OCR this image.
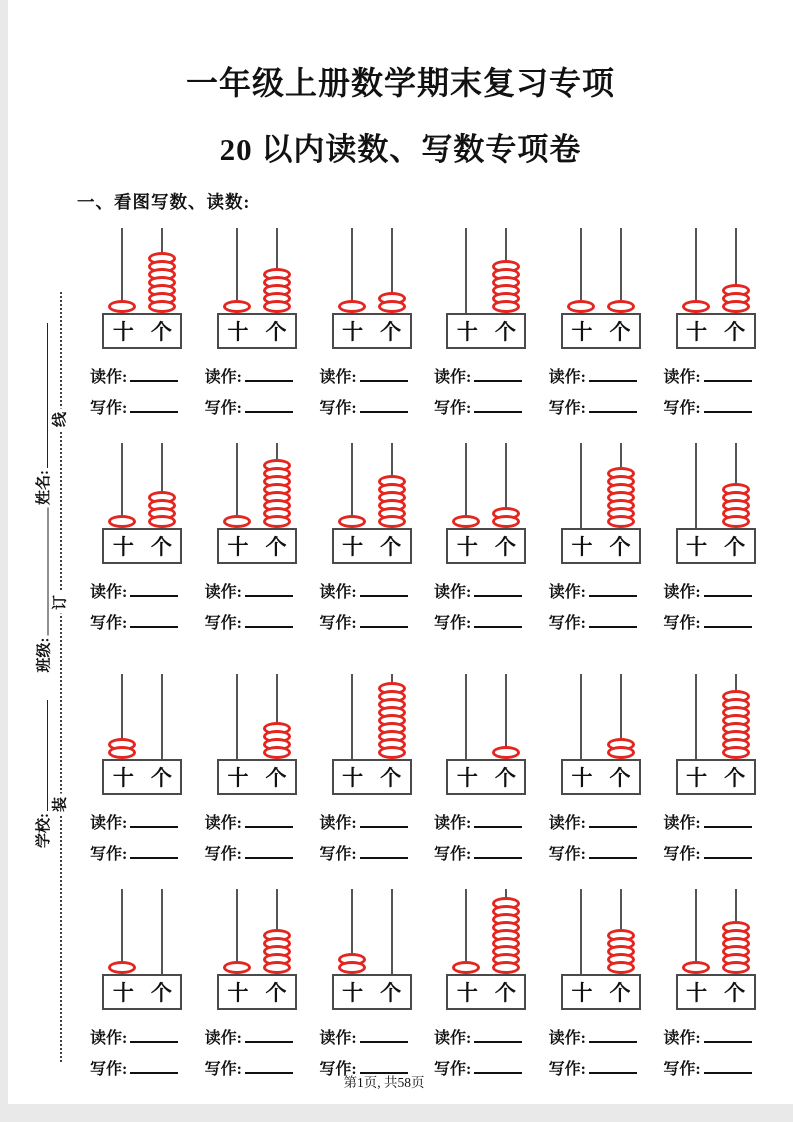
一年级上册数学期末复习专项
20 以内读数、写数专项卷
一、看图写数、读数:
姓名:
班级:
学校:
线
订
装
十 个
读作:
写作:
十 个
读作:
写作:
十 个
读作:
写作:
十 个
读作:
写作:
十 个
读作:
写作:
十 个
读作:
写作:
十 个
读作:
写作:
十 个
读作:
写作:
十 个
读作:
写作:
十 个
读作:
写作:
十 个
读作:
写作:
十 个
读作:
写作:
十 个
读作:
写作:
十 个
读作:
写作:
十 个
读作:
写作:
十 个
读作:
写作:
十 个
读作:
写作:
十 个
读作:
写作:
十 个
读作:
写作:
十 个
读作:
写作:
十 个
读作:
写作:
十 个
读作:
写作:
十 个
读作:
写作:
十 个
读作:
写作:
第1页, 共58页
